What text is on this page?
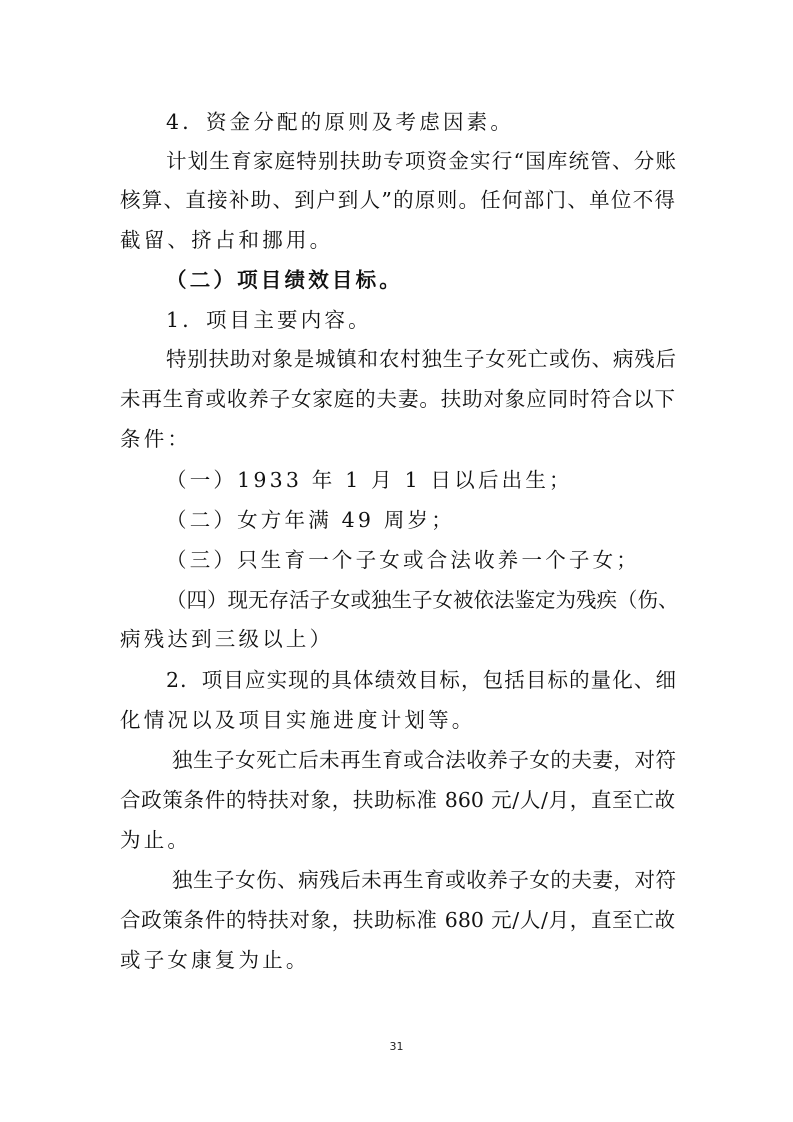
4．资金分配的原则及考虑因素。
计划生育家庭特别扶助专项资金实行“国库统管、分账
核算、直接补助、到户到人”的原则。任何部门、单位不得
截留、挤占和挪用。
（二）项目绩效目标。
1．项目主要内容。
特别扶助对象是城镇和农村独生子女死亡或伤、病残后
未再生育或收养子女家庭的夫妻。扶助对象应同时符合以下
条件：
（一）1933 年 1 月 1 日以后出生；
（二）女方年满 49 周岁；
（三）只生育一个子女或合法收养一个子女；
（四）现无存活子女或独生子女被依法鉴定为残疾（伤、
病残达到三级以上）
2．项目应实现的具体绩效目标，包括目标的量化、细
化情况以及项目实施进度计划等。
独生子女死亡后未再生育或合法收养子女的夫妻，对符
合政策条件的特扶对象，扶助标准 860 元/人/月，直至亡故
为止。
独生子女伤、病残后未再生育或收养子女的夫妻，对符
合政策条件的特扶对象，扶助标准 680 元/人/月，直至亡故
或子女康复为止。
31
